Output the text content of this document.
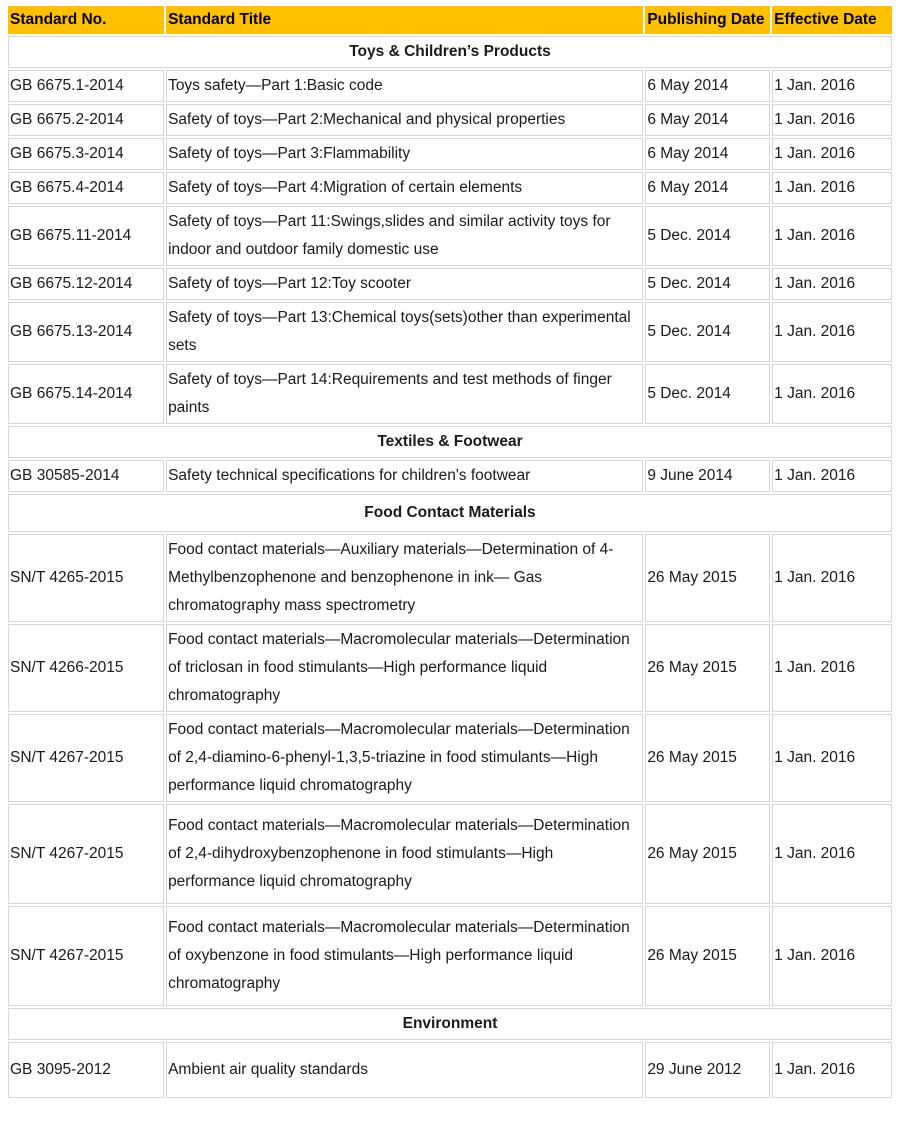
Standard No.	Standard Title	Publishing Date	Effective Date
Toys & Children’s Products			
GB 6675.1-2014	Toys safety—Part 1:Basic code	6 May 2014	1 Jan. 2016
GB 6675.2-2014	Safety of toys—Part 2:Mechanical and physical properties	6 May 2014	1 Jan. 2016
GB 6675.3-2014	Safety of toys—Part 3:Flammability	6 May 2014	1 Jan. 2016
GB 6675.4-2014	Safety of toys—Part 4:Migration of certain elements	6 May 2014	1 Jan. 2016
GB 6675.11-2014	Safety of toys—Part 11:Swings,slides and similar activity toys for indoor and outdoor family domestic use	5 Dec. 2014	1 Jan. 2016
GB 6675.12-2014	Safety of toys—Part 12:Toy scooter	5 Dec. 2014	1 Jan. 2016
GB 6675.13-2014	Safety of toys—Part 13:Chemical toys(sets)other than experimental sets	5 Dec. 2014	1 Jan. 2016
GB 6675.14-2014	Safety of toys—Part 14:Requirements and test methods of finger paints	5 Dec. 2014	1 Jan. 2016
Textiles & Footwear			
GB 30585-2014	Safety technical specifications for children's footwear	9 June 2014	1 Jan. 2016
Food Contact Materials			
SN/T 4265-2015	Food contact materials—Auxiliary materials—Determination of 4-Methylbenzophenone and benzophenone in ink— Gas chromatography mass spectrometry	26 May 2015	1 Jan. 2016
SN/T 4266-2015	Food contact materials—Macromolecular materials—Determination of triclosan in food stimulants—High performance liquid chromatography	26 May 2015	1 Jan. 2016
SN/T 4267-2015	Food contact materials—Macromolecular materials—Determination of 2,4-diamino-6-phenyl-1,3,5-triazine in food stimulants—High performance liquid chromatography	26 May 2015	1 Jan. 2016
SN/T 4267-2015	Food contact materials—Macromolecular materials—Determination of 2,4-dihydroxybenzophenone in food stimulants—High performance liquid chromatography	26 May 2015	1 Jan. 2016
SN/T 4267-2015	Food contact materials—Macromolecular materials—Determination of oxybenzone in food stimulants—High performance liquid chromatography	26 May 2015	1 Jan. 2016
Environment			
GB 3095-2012	Ambient air quality standards	29 June 2012	1 Jan. 2016
